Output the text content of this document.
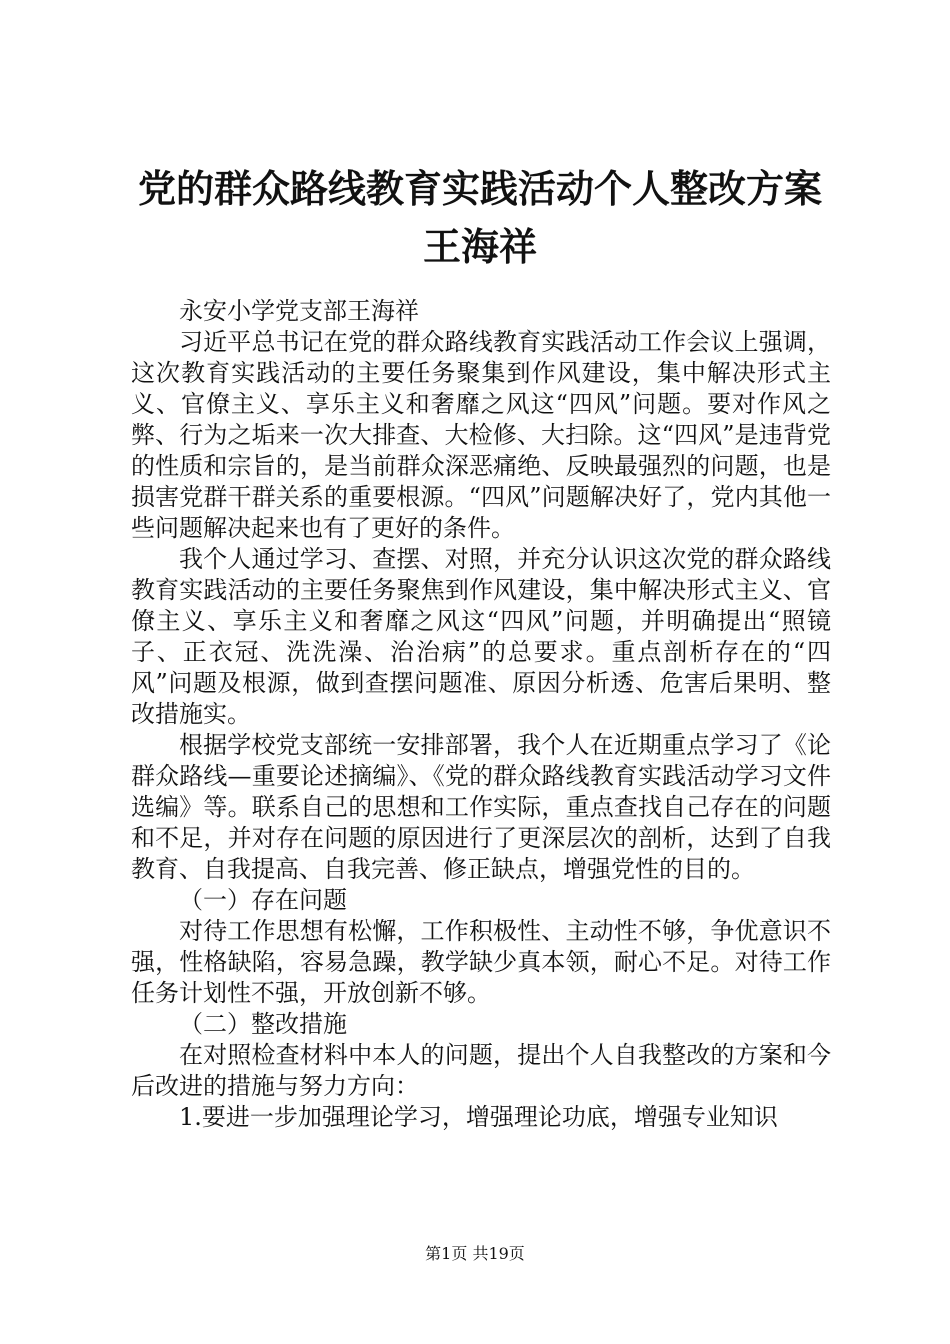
党的群众路线教育实践活动个人整改方案王海祥

永安小学党支部王海祥

习近平总书记在党的群众路线教育实践活动工作会议上强调，这次教育实践活动的主要任务聚集到作风建设，集中解决形式主义、官僚主义、享乐主义和奢靡之风这“四风”问题。要对作风之弊、行为之垢来一次大排查、大检修、大扫除。这“四风”是违背党的性质和宗旨的，是当前群众深恶痛绝、反映最强烈的问题，也是损害党群干群关系的重要根源。“四风”问题解决好了，党内其他一些问题解决起来也有了更好的条件。

我个人通过学习、查摆、对照，并充分认识这次党的群众路线教育实践活动的主要任务聚焦到作风建设，集中解决形式主义、官僚主义、享乐主义和奢靡之风这“四风”问题，并明确提出“照镜子、正衣冠、洗洗澡、治治病”的总要求。重点剖析存在的“四风”问题及根源，做到查摆问题准、原因分析透、危害后果明、整改措施实。

根据学校党支部统一安排部署，我个人在近期重点学习了《论群众路线—重要论述摘编》、《党的群众路线教育实践活动学习文件选编》等。联系自己的思想和工作实际，重点查找自己存在的问题和不足，并对存在问题的原因进行了更深层次的剖析，达到了自我教育、自我提高、自我完善、修正缺点，增强党性的目的。

（一）存在问题

对待工作思想有松懈，工作积极性、主动性不够，争优意识不强，性格缺陷，容易急躁，教学缺少真本领，耐心不足。对待工作任务计划性不强，开放创新不够。

（二）整改措施

在对照检查材料中本人的问题，提出个人自我整改的方案和今后改进的措施与努力方向：

1.要进一步加强理论学习，增强理论功底，增强专业知识

第1页 共19页
